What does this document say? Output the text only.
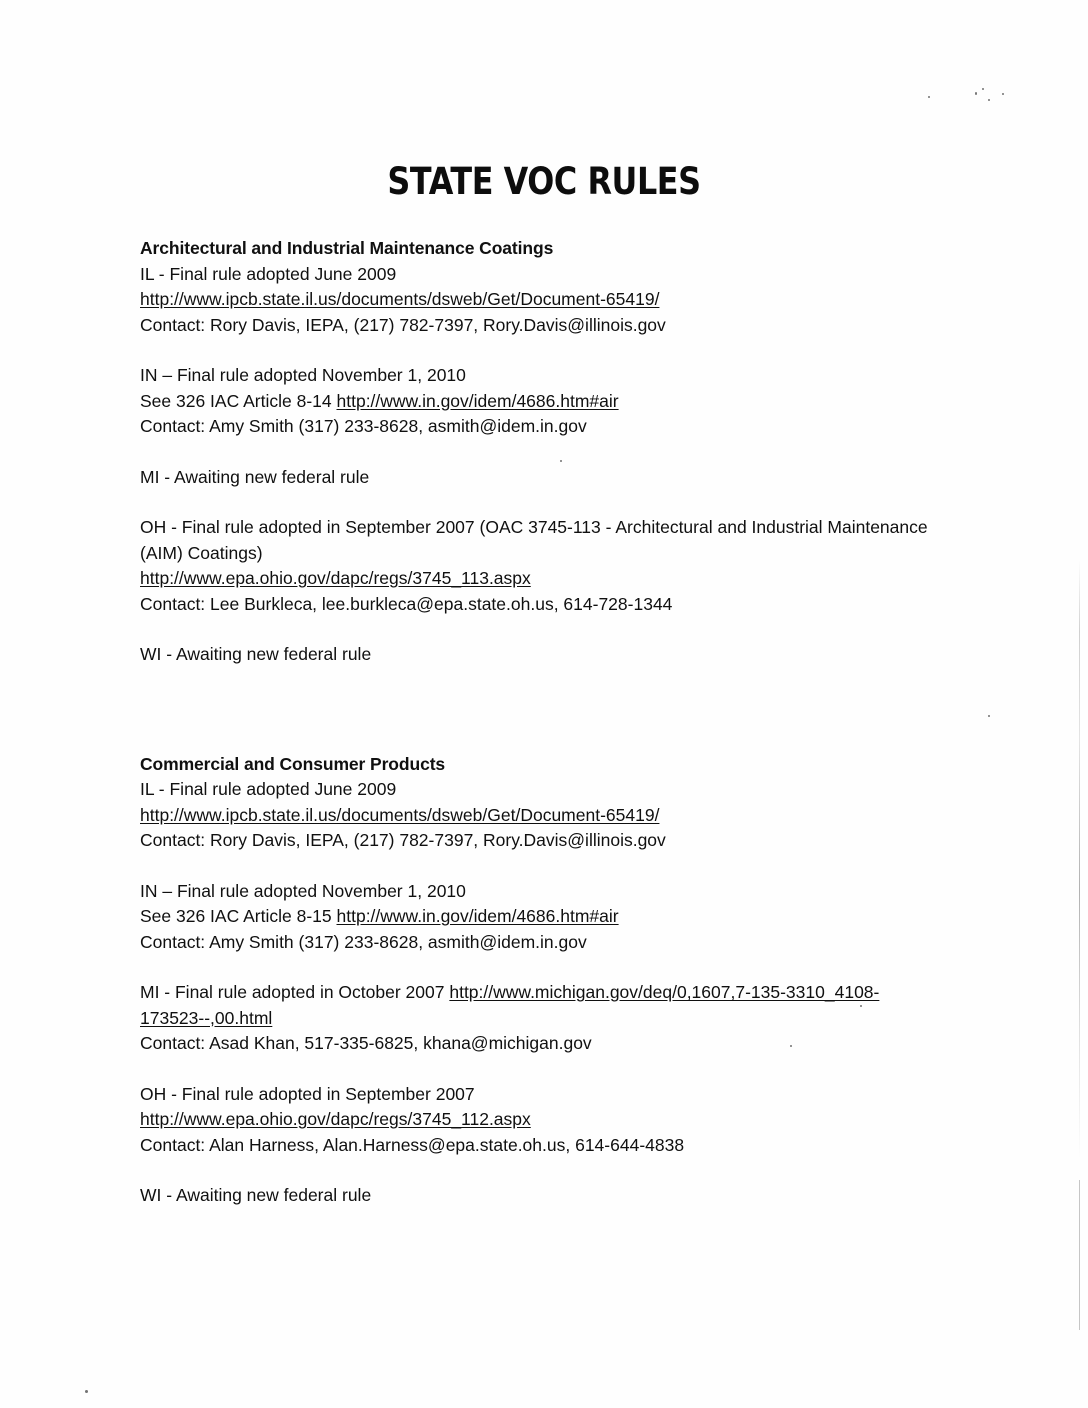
STATE VOC RULES
Architectural and Industrial Maintenance Coatings
IL - Final rule adopted June 2009
http://www.ipcb.state.il.us/documents/dsweb/Get/Document-65419/
Contact: Rory Davis, IEPA, (217) 782-7397, Rory.Davis@illinois.gov
IN – Final rule adopted November 1, 2010
See 326 IAC Article 8-14 http://www.in.gov/idem/4686.htm#air
Contact: Amy Smith (317) 233-8628, asmith@idem.in.gov
MI - Awaiting new federal rule
OH - Final rule adopted in September 2007 (OAC 3745-113 - Architectural and Industrial Maintenance (AIM) Coatings)
http://www.epa.ohio.gov/dapc/regs/3745_113.aspx
Contact: Lee Burkleca, lee.burkleca@epa.state.oh.us, 614-728-1344
WI - Awaiting new federal rule
Commercial and Consumer Products
IL - Final rule adopted June 2009
http://www.ipcb.state.il.us/documents/dsweb/Get/Document-65419/
Contact: Rory Davis, IEPA, (217) 782-7397, Rory.Davis@illinois.gov
IN – Final rule adopted November 1, 2010
See 326 IAC Article 8-15 http://www.in.gov/idem/4686.htm#air
Contact: Amy Smith (317) 233-8628, asmith@idem.in.gov
MI - Final rule adopted in October 2007 http://www.michigan.gov/deq/0,1607,7-135-3310_4108-173523--,00.html
Contact: Asad Khan, 517-335-6825, khana@michigan.gov
OH - Final rule adopted in September 2007
http://www.epa.ohio.gov/dapc/regs/3745_112.aspx
Contact: Alan Harness, Alan.Harness@epa.state.oh.us, 614-644-4838
WI - Awaiting new federal rule
